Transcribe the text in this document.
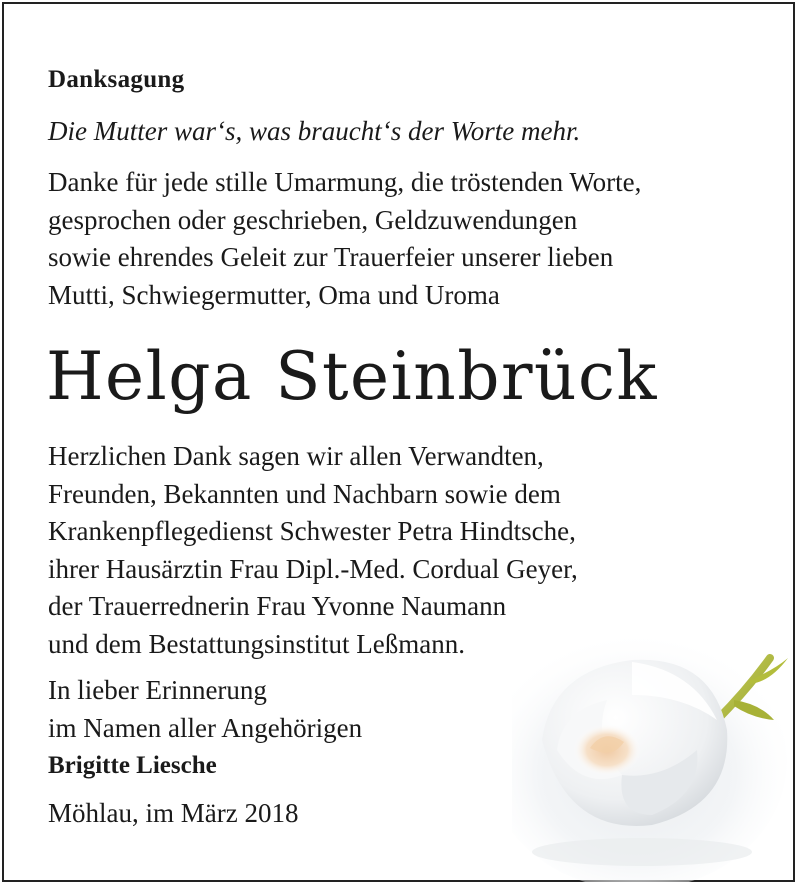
Danksagung
Die Mutter war‘s, was braucht‘s der Worte mehr.
Danke für jede stille Umarmung, die tröstenden Worte,
gesprochen oder geschrieben, Geldzuwendungen
sowie ehrendes Geleit zur Trauerfeier unserer lieben
Mutti, Schwiegermutter, Oma und Uroma
Helga Steinbrück
Herzlichen Dank sagen wir allen Verwandten,
Freunden, Bekannten und Nachbarn sowie dem
Krankenpflegedienst Schwester Petra Hindtsche,
ihrer Hausärztin Frau Dipl.-Med. Cordual Geyer,
der Trauerrednerin Frau Yvonne Naumann
und dem Bestattungsinstitut Leßmann.
In lieber Erinnerung
im Namen aller Angehörigen
Brigitte Liesche
Möhlau, im März 2018
